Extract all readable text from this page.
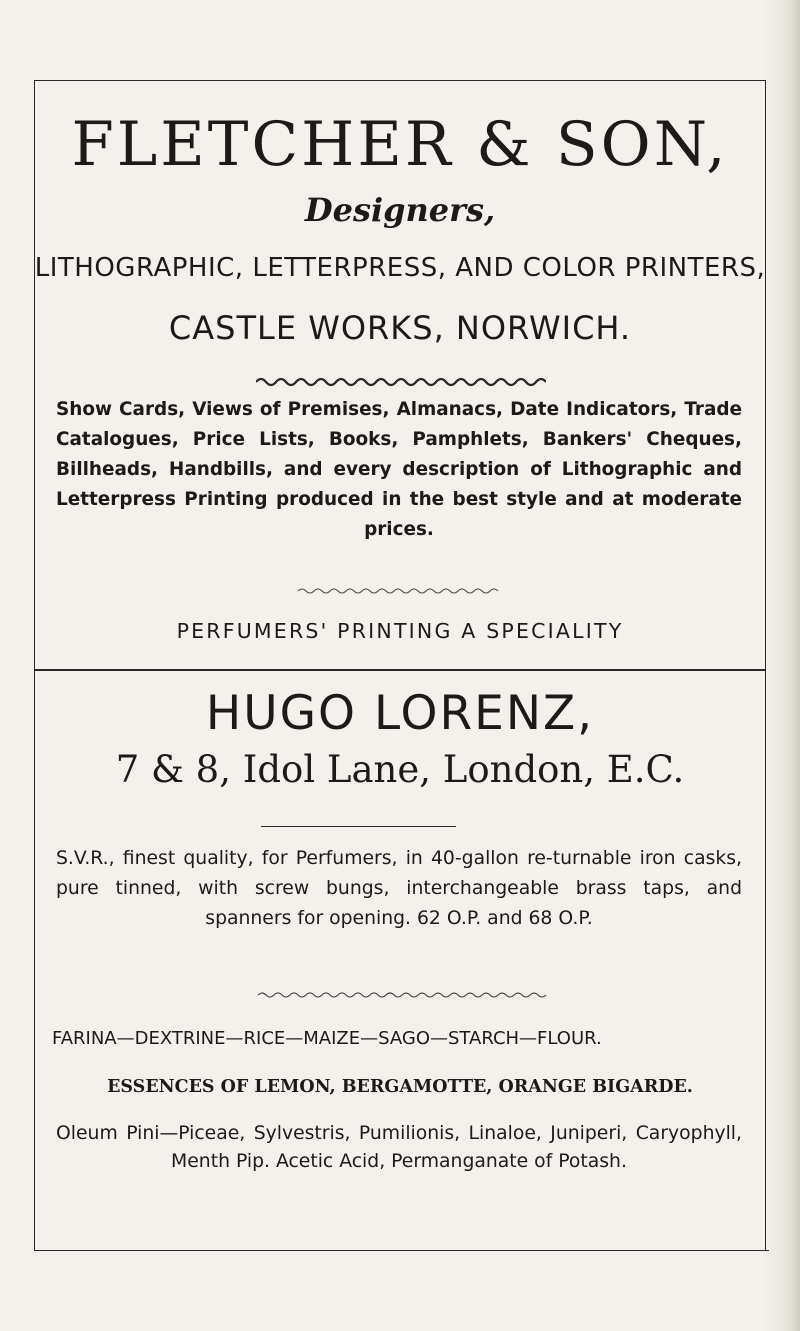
FLETCHER & SON,
Designers,
LITHOGRAPHIC, LETTERPRESS, AND COLOR PRINTERS,
CASTLE WORKS, NORWICH.

Show Cards, Views of Premises, Almanacs, Date Indicators, Trade Catalogues, Price Lists, Books, Pamphlets, Bankers' Cheques, Billheads, Handbills, and every description of Lithographic and Letterpress Printing produced in the best style and at moderate prices.

PERFUMERS' PRINTING A SPECIALITY
HUGO LORENZ,
7 & 8, Idol Lane, London, E.C.

S.V.R., finest quality, for Perfumers, in 40-gallon re-turnable iron casks, pure tinned, with screw bungs, interchangeable brass taps, and spanners for opening. 62 O.P. and 68 O.P.

FARINA—DEXTRINE—RICE—MAIZE—SAGO—STARCH—FLOUR.
ESSENCES OF LEMON, BERGAMOTTE, ORANGE BIGARDE.

Oleum Pini—Piceae, Sylvestris, Pumilionis, Linaloe, Juniperi, Caryophyll, Menth Pip. Acetic Acid, Permanganate of Potash.
